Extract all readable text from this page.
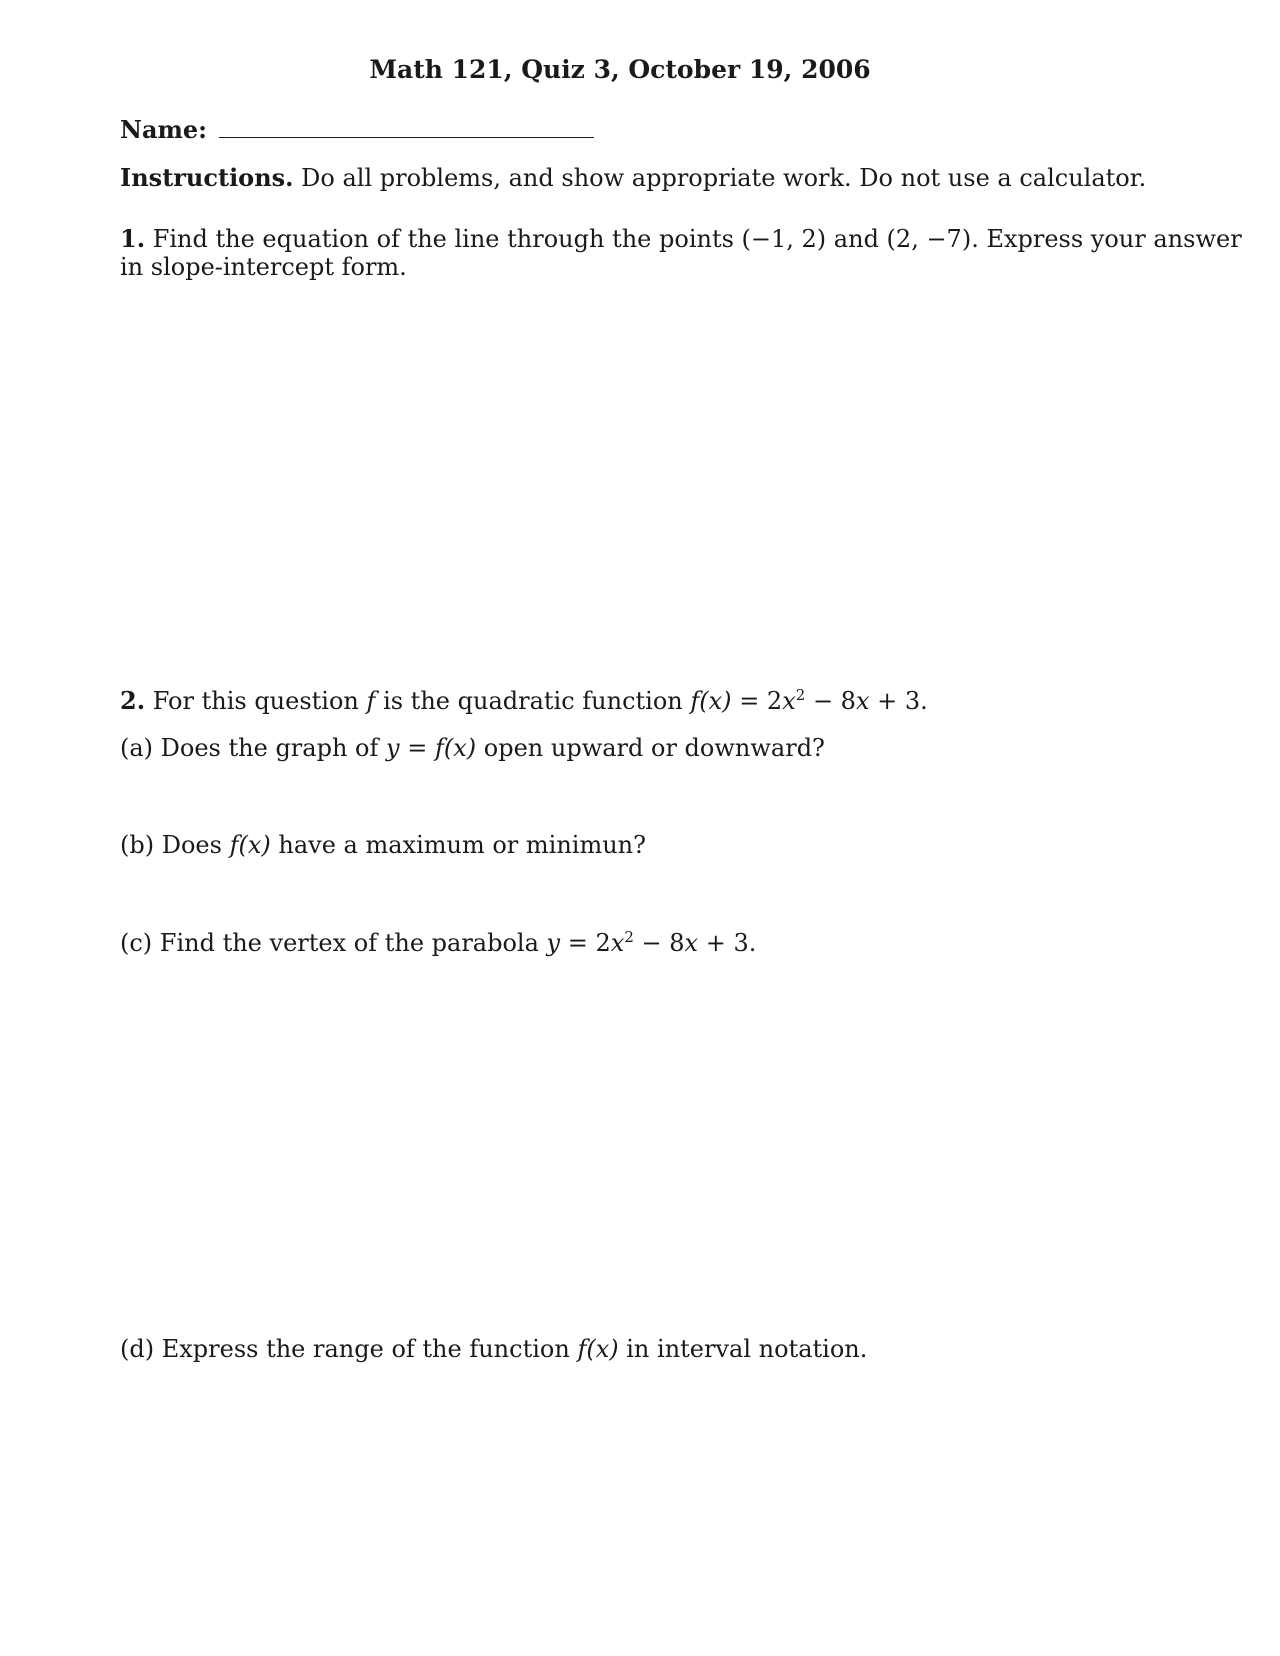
Math 121, Quiz 3, October 19, 2006
Name:
Instructions. Do all problems, and show appropriate work. Do not use a calculator.
1. Find the equation of the line through the points (−1, 2) and (2, −7). Express your answer
in slope-intercept form.
2. For this question f is the quadratic function $f(x) = 2x^2 - 8x + 3$.
(a) Does the graph of y = f(x) open upward or downward?
(b) Does f(x) have a maximum or minimun?
(c) Find the vertex of the parabola $y = 2x^2 - 8x + 3$.
(d) Express the range of the function f(x) in interval notation.
